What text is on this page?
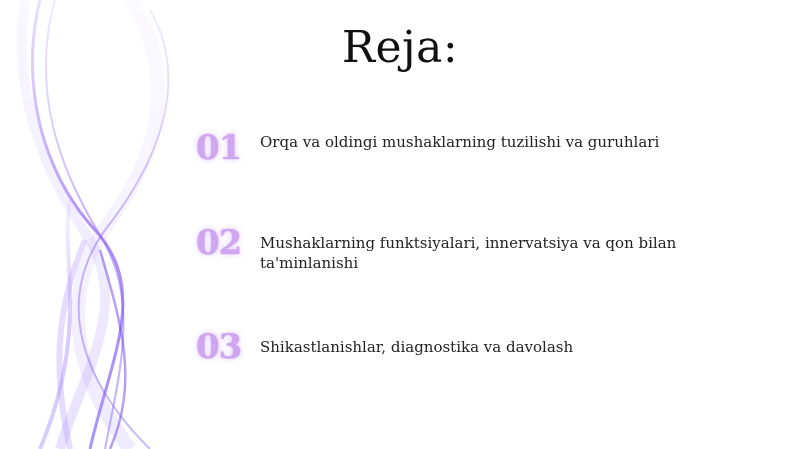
Reja:
01 Orqa va oldingi mushaklarning tuzilishi va guruhlari
02 Mushaklarning funktsiyalari, innervatsiya va qon bilan ta'minlanishi
03 Shikastlanishlar, diagnostika va davolash
